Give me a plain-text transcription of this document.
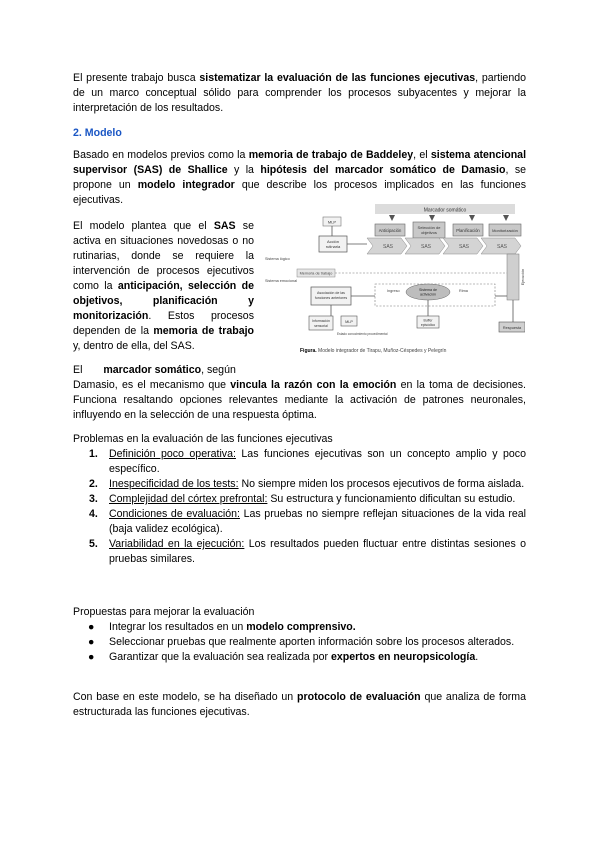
El presente trabajo busca sistematizar la evaluación de las funciones ejecutivas, partiendo de un marco conceptual sólido para comprender los procesos subyacentes y mejorar la interpretación de los resultados.

2. Modelo

Basado en modelos previos como la memoria de trabajo de Baddeley, el sistema atencional supervisor (SAS) de Shallice y la hipótesis del marcador somático de Damasio, se propone un modelo integrador que describe los procesos implicados en las funciones ejecutivas.

El modelo plantea que el SAS se activa en situaciones novedosas o no rutinarias, donde se requiere la intervención de procesos ejecutivos como la anticipación, selección de objetivos, planificación y monitorización. Estos procesos dependen de la memoria de trabajo y, dentro de ella, del SAS.

El marcador somático, según

Marcador somático
MLP
Anticipación
Selección de
objetivos	Planificación	Monitorización
Acción
rutinaria	SAS	SAS	SAS	SAS
Sistema lógico
Sistema emocional
Memoria de trabajo	Ejecución
Asociación de las
funciones anteriores
Ingreso	Rima
Sistema de
activación
Información
sensorial
MLP
Estado conocimiento procedimental
Buffer
episódico
Respuesta
Figura. Modelo integrador de Tirapu, Muñoz-Céspedes y Pelegrín

Damasio, es el mecanismo que vincula la razón con la emoción en la toma de decisiones. Funciona resaltando opciones relevantes mediante la activación de patrones neuronales, influyendo en la selección de una respuesta óptima.

Problemas en la evaluación de las funciones ejecutivas
1. Definición poco operativa: Las funciones ejecutivas son un concepto amplio y poco específico.
2. Inespecificidad de los tests: No siempre miden los procesos ejecutivos de forma aislada.
3. Complejidad del córtex prefrontal: Su estructura y funcionamiento dificultan su estudio.
4. Condiciones de evaluación: Las pruebas no siempre reflejan situaciones de la vida real (baja validez ecológica).
5. Variabilidad en la ejecución: Los resultados pueden fluctuar entre distintas sesiones o pruebas similares.
Propuestas para mejorar la evaluación
● Integrar los resultados en un modelo comprensivo.
● Seleccionar pruebas que realmente aporten información sobre los procesos alterados.
● Garantizar que la evaluación sea realizada por expertos en neuropsicología.

Con base en este modelo, se ha diseñado un protocolo de evaluación que analiza de forma estructurada las funciones ejecutivas.
